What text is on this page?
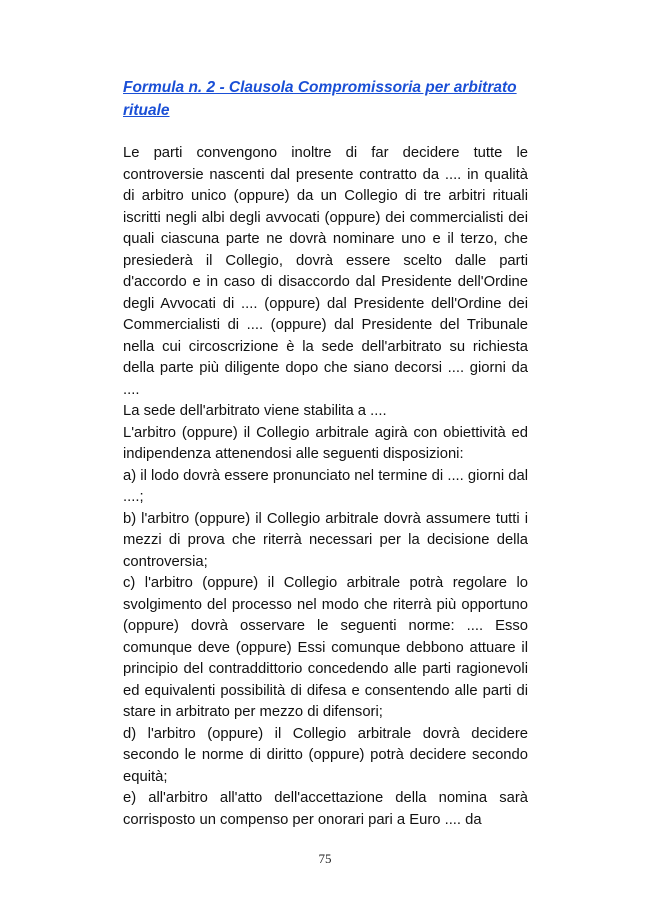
Formula n. 2 - Clausola Compromissoria per arbitrato rituale

Le parti convengono inoltre di far decidere tutte le controversie nascenti dal presente contratto da .... in qualità di arbitro unico (oppure) da un Collegio di tre arbitri rituali iscritti negli albi degli avvocati (oppure) dei commercialisti dei quali ciascuna parte ne dovrà nominare uno e il terzo, che presiederà il Collegio, dovrà essere scelto dalle parti d'accordo e in caso di disaccordo dal Presidente dell'Ordine degli Avvocati di .... (oppure) dal Presidente dell'Ordine dei Commercialisti di .... (oppure) dal Presidente del Tribunale nella cui circoscrizione è la sede dell'arbitrato su richiesta della parte più diligente dopo che siano decorsi .... giorni da ....

La sede dell'arbitrato viene stabilita a ....

L'arbitro (oppure) il Collegio arbitrale agirà con obiettività ed indipendenza attenendosi alle seguenti disposizioni:

a) il lodo dovrà essere pronunciato nel termine di .... giorni dal ....;

b) l'arbitro (oppure) il Collegio arbitrale dovrà assumere tutti i mezzi di prova che riterrà necessari per la decisione della controversia;

c) l'arbitro (oppure) il Collegio arbitrale potrà regolare lo svolgimento del processo nel modo che riterrà più opportuno (oppure) dovrà osservare le seguenti norme: .... Esso comunque deve (oppure) Essi comunque debbono attuare il principio del contraddittorio concedendo alle parti ragionevoli ed equivalenti possibilità di difesa e consentendo alle parti di stare in arbitrato per mezzo di difensori;

d) l'arbitro (oppure) il Collegio arbitrale dovrà decidere secondo le norme di diritto (oppure) potrà decidere secondo equità;

e) all'arbitro all'atto dell'accettazione della nomina sarà corrisposto un compenso per onorari pari a Euro .... da

75
